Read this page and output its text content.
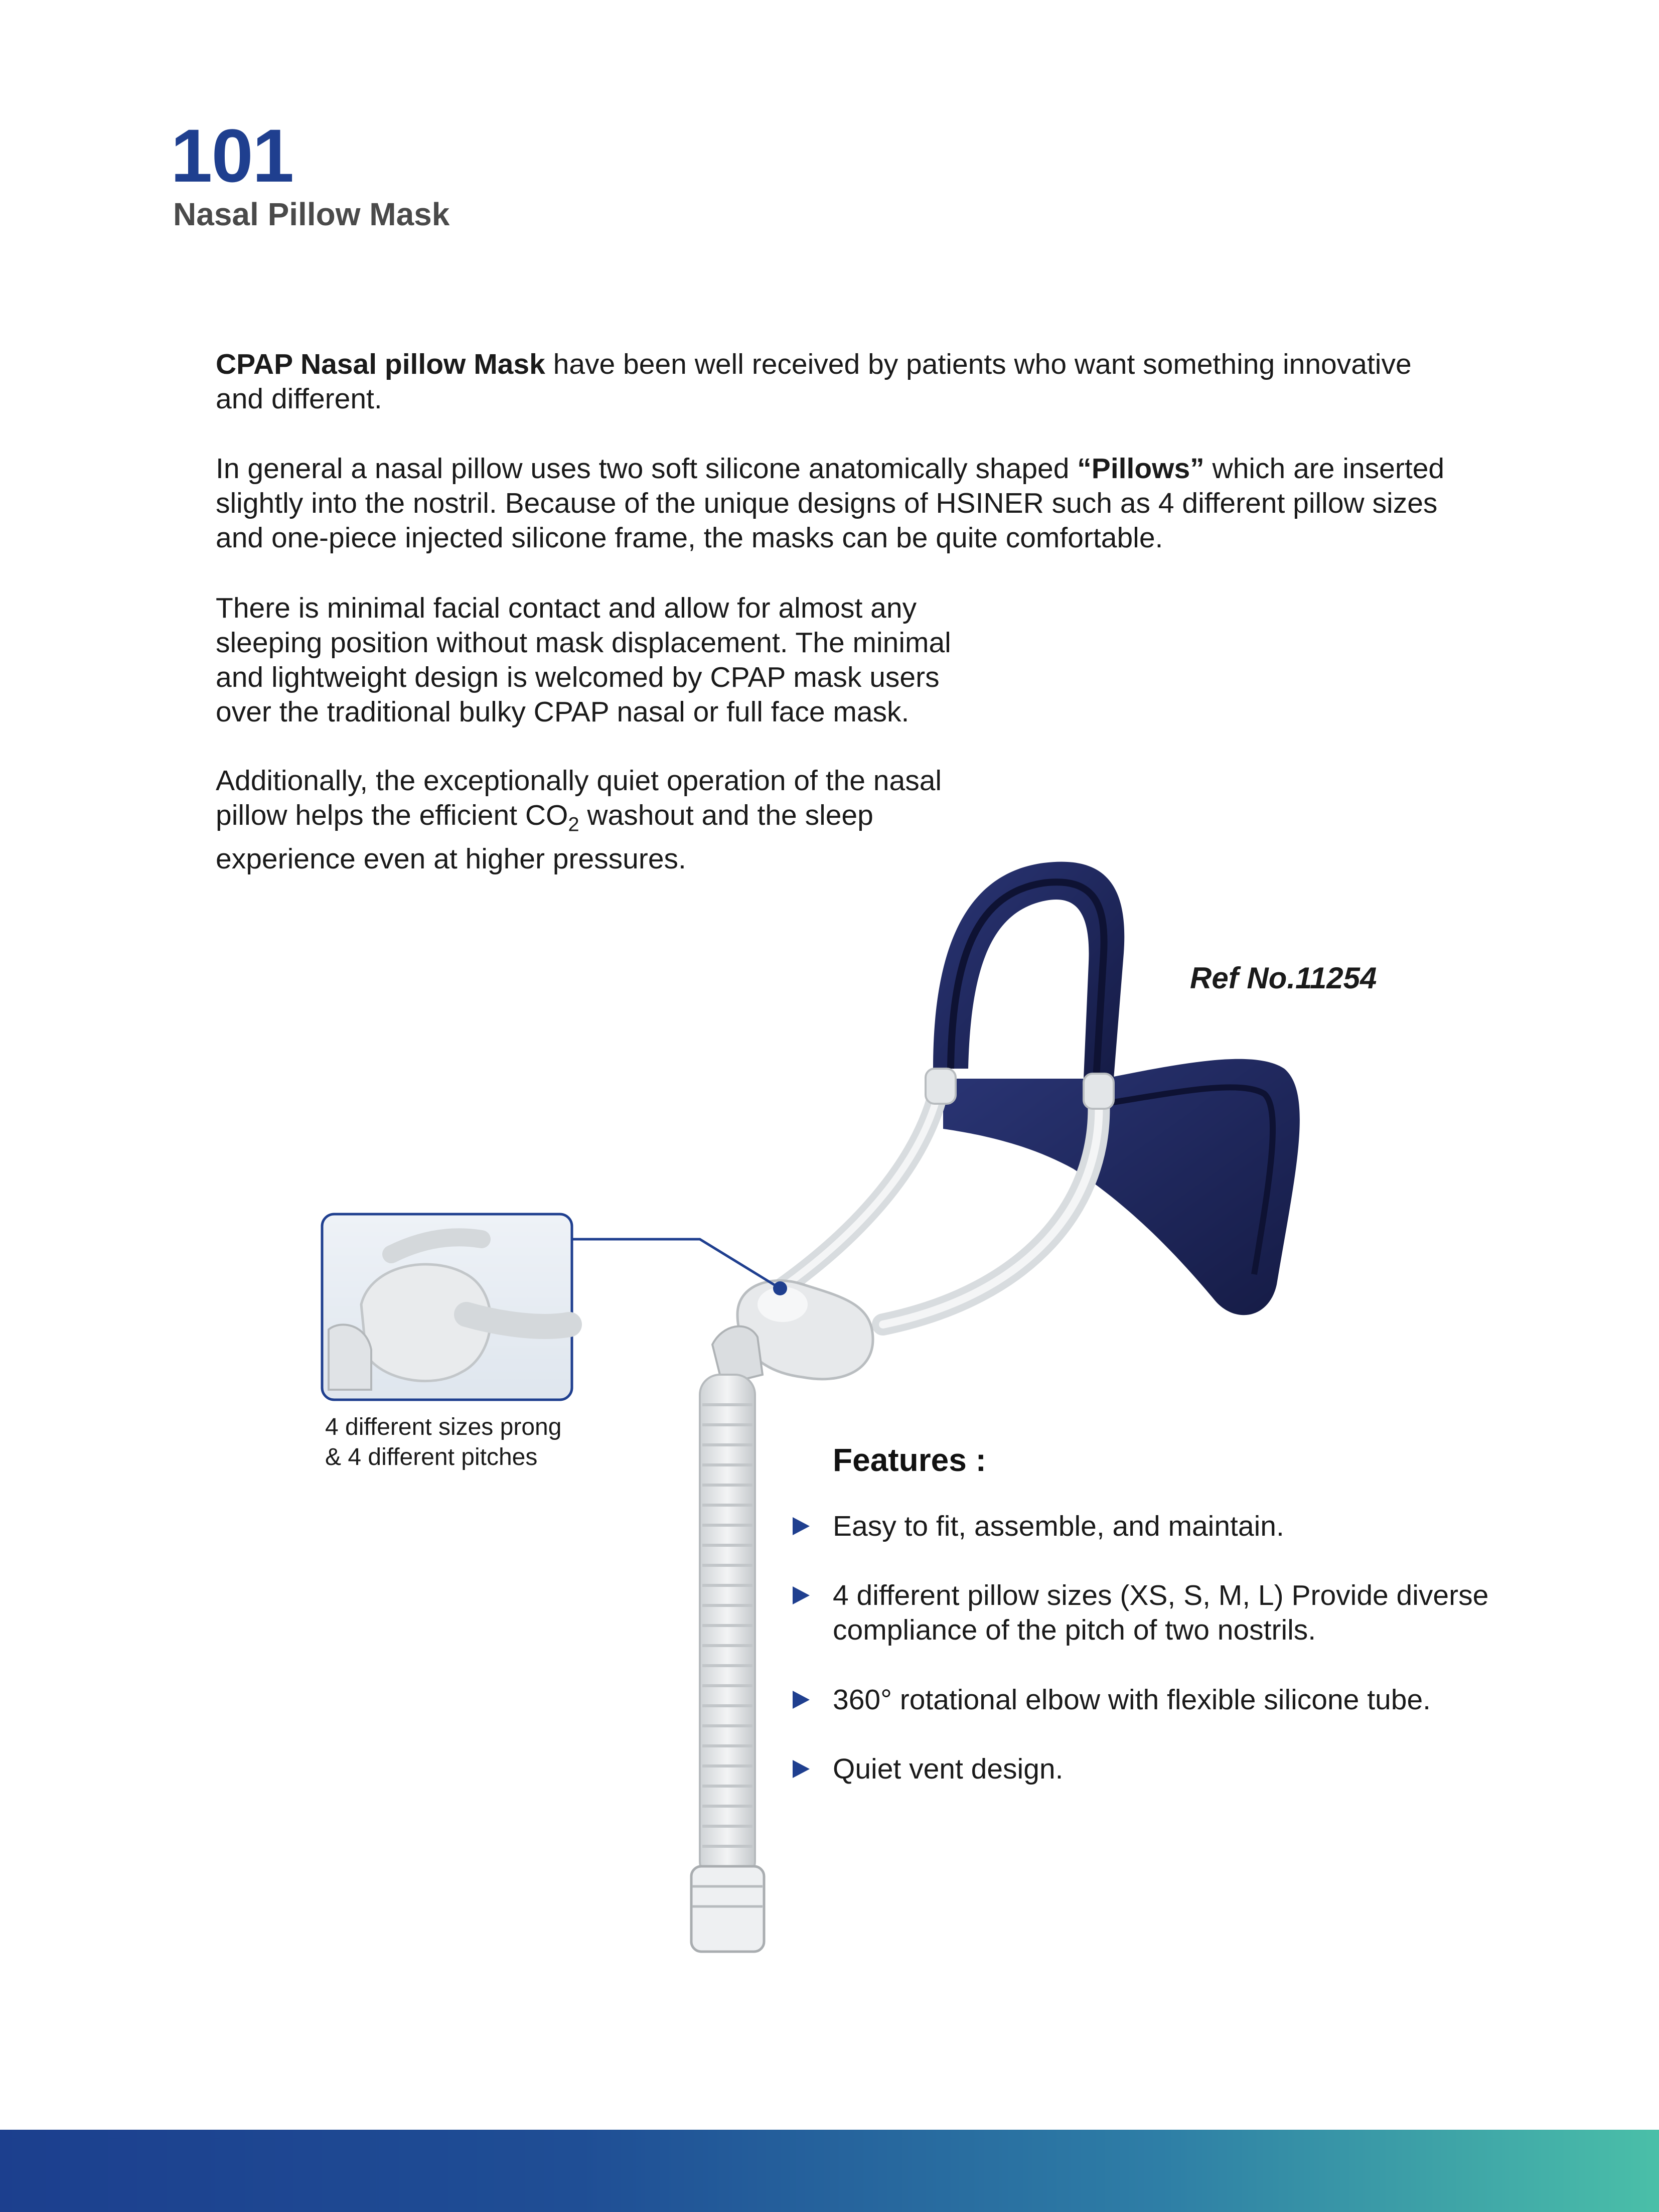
101
Nasal Pillow Mask
CPAP Nasal pillow Mask have been well received by patients who want something innovative and different.
In general a nasal pillow uses two soft silicone anatomically shaped “Pillows” which are inserted slightly into the nostril. Because of the unique designs of HSINER such as 4 different pillow sizes and one-piece injected silicone frame, the masks can be quite comfortable.
There is minimal facial contact and allow for almost any sleeping position without mask displacement. The minimal and lightweight design is welcomed by CPAP mask users over the traditional bulky CPAP nasal or full face mask.
Additionally, the exceptionally quiet operation of the nasal pillow helps the efficient $CO_2$ washout and the sleep experience even at higher pressures.
Ref No.11254
4 different sizes prong
& 4 different pitches	Features :
Easy to fit, assemble, and maintain.
4 different pillow sizes (XS, S, M, L) Provide diverse compliance of the pitch of two nostrils.
360° rotational elbow with flexible silicone tube.
Quiet vent design.
